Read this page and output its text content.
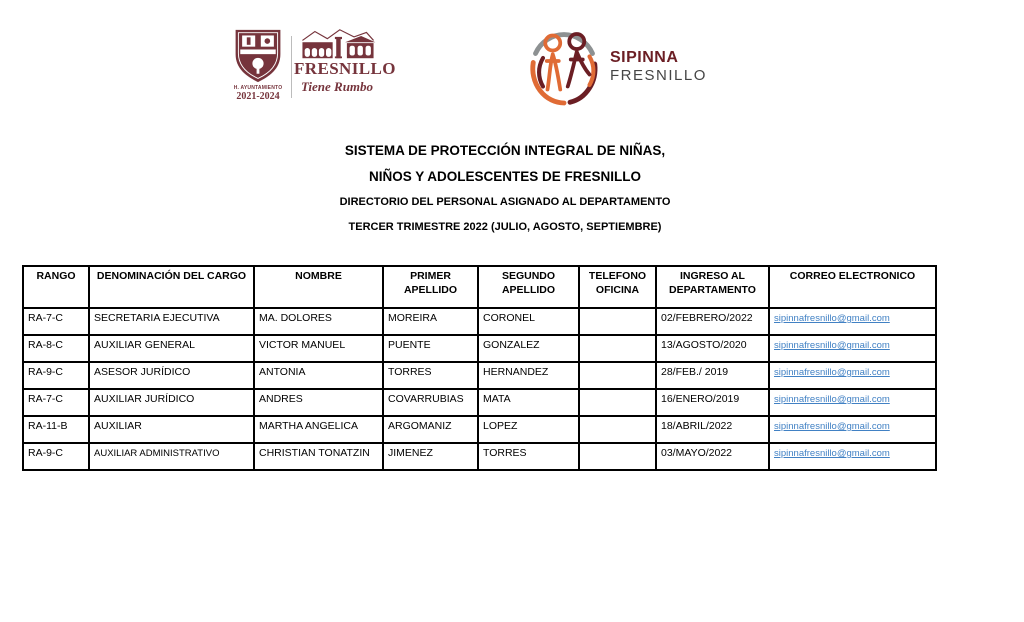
H. AYUNTAMIENTO
2021-2024
FRESNILLO
Tiene Rumbo
SIPINNA
FRESNILLO
SISTEMA DE PROTECCIÓN INTEGRAL DE NIÑAS,
NIÑOS Y ADOLESCENTES DE FRESNILLO
DIRECTORIO DEL PERSONAL ASIGNADO AL DEPARTAMENTO
TERCER TRIMESTRE 2022 (JULIO, AGOSTO, SEPTIEMBRE)
RANGO	DENOMINACIÓN DEL CARGO	NOMBRE	PRIMER APELLIDO	SEGUNDO APELLIDO	TELEFONO OFICINA	INGRESO AL DEPARTAMENTO	CORREO ELECTRONICO
RA-7-C	SECRETARIA EJECUTIVA	MA. DOLORES	MOREIRA	CORONEL		02/FEBRERO/2022	sipinnafresnillo@gmail.com
RA-8-C	AUXILIAR GENERAL	VICTOR MANUEL	PUENTE	GONZALEZ		13/AGOSTO/2020	sipinnafresnillo@gmail.com
RA-9-C	ASESOR JURÍDICO	ANTONIA	TORRES	HERNANDEZ		28/FEB./ 2019	sipinnafresnillo@gmail.com
RA-7-C	AUXILIAR JURÍDICO	ANDRES	COVARRUBIAS	MATA		16/ENERO/2019	sipinnafresnillo@gmail.com
RA-11-B	AUXILIAR	MARTHA ANGELICA	ARGOMANIZ	LOPEZ		18/ABRIL/2022	sipinnafresnillo@gmail.com
RA-9-C	AUXILIAR ADMINISTRATIVO	CHRISTIAN TONATZIN	JIMENEZ	TORRES		03/MAYO/2022	sipinnafresnillo@gmail.com
